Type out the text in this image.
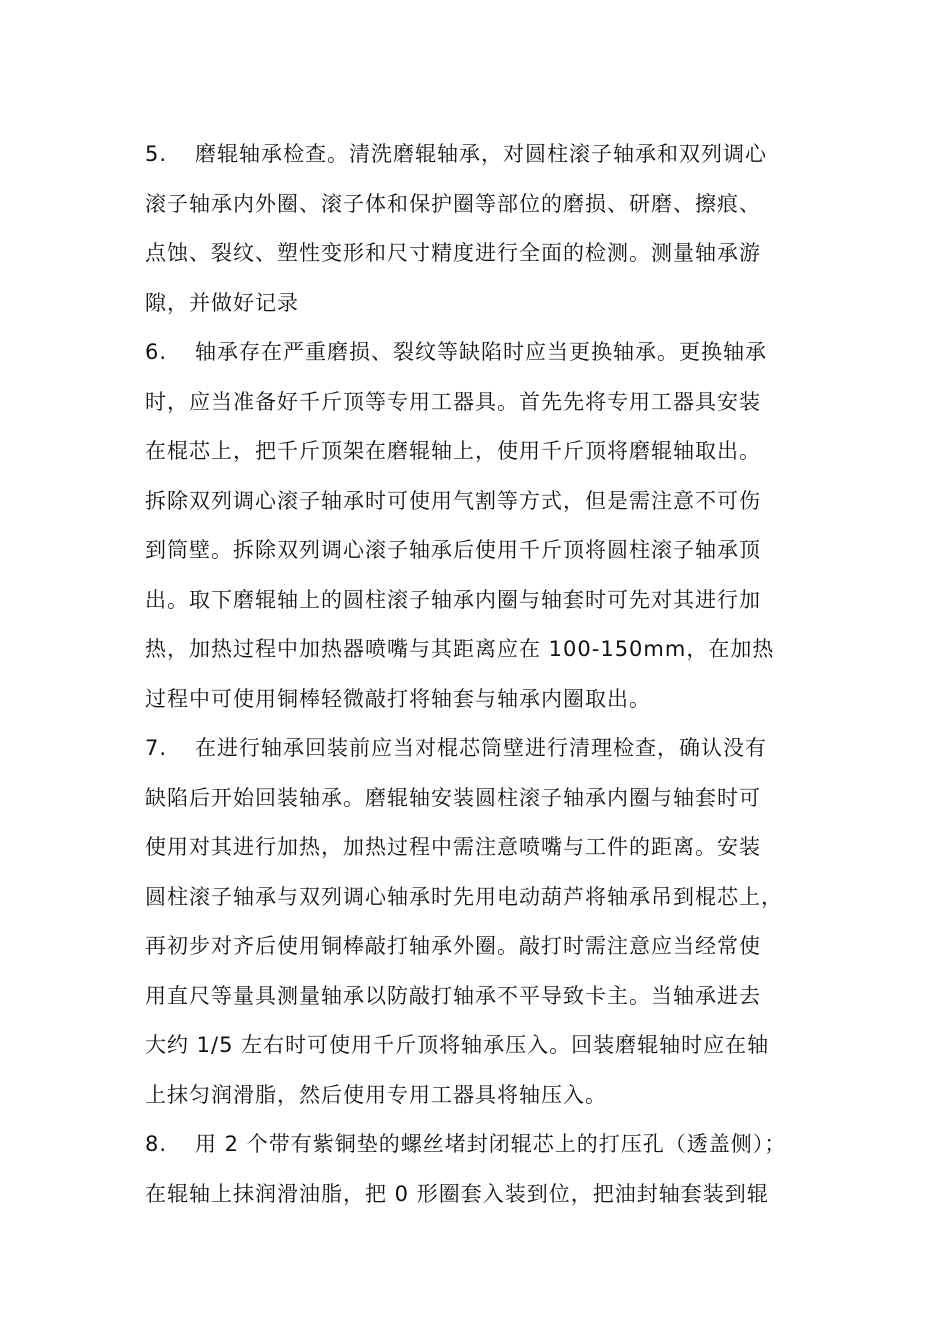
5. 磨辊轴承检查。清洗磨辊轴承，对圆柱滚子轴承和双列调心
滚子轴承内外圈、滚子体和保护圈等部位的磨损、研磨、擦痕、
点蚀、裂纹、塑性变形和尺寸精度进行全面的检测。测量轴承游
隙，并做好记录
6. 轴承存在严重磨损、裂纹等缺陷时应当更换轴承。更换轴承
时，应当准备好千斤顶等专用工器具。首先先将专用工器具安装
在棍芯上，把千斤顶架在磨辊轴上，使用千斤顶将磨辊轴取出。
拆除双列调心滚子轴承时可使用气割等方式，但是需注意不可伤
到筒壁。拆除双列调心滚子轴承后使用千斤顶将圆柱滚子轴承顶
出。取下磨辊轴上的圆柱滚子轴承内圈与轴套时可先对其进行加
热，加热过程中加热器喷嘴与其距离应在 100-150mm，在加热
过程中可使用铜棒轻微敲打将轴套与轴承内圈取出。
7. 在进行轴承回装前应当对棍芯筒壁进行清理检查，确认没有
缺陷后开始回装轴承。磨辊轴安装圆柱滚子轴承内圈与轴套时可
使用对其进行加热，加热过程中需注意喷嘴与工件的距离。安装
圆柱滚子轴承与双列调心轴承时先用电动葫芦将轴承吊到棍芯上，
再初步对齐后使用铜棒敲打轴承外圈。敲打时需注意应当经常使
用直尺等量具测量轴承以防敲打轴承不平导致卡主。当轴承进去
大约 1/5 左右时可使用千斤顶将轴承压入。回装磨辊轴时应在轴
上抹匀润滑脂，然后使用专用工器具将轴压入。
8. 用 2 个带有紫铜垫的螺丝堵封闭辊芯上的打压孔（透盖侧）；
在辊轴上抹润滑油脂，把 0 形圈套入装到位，把油封轴套装到辊
